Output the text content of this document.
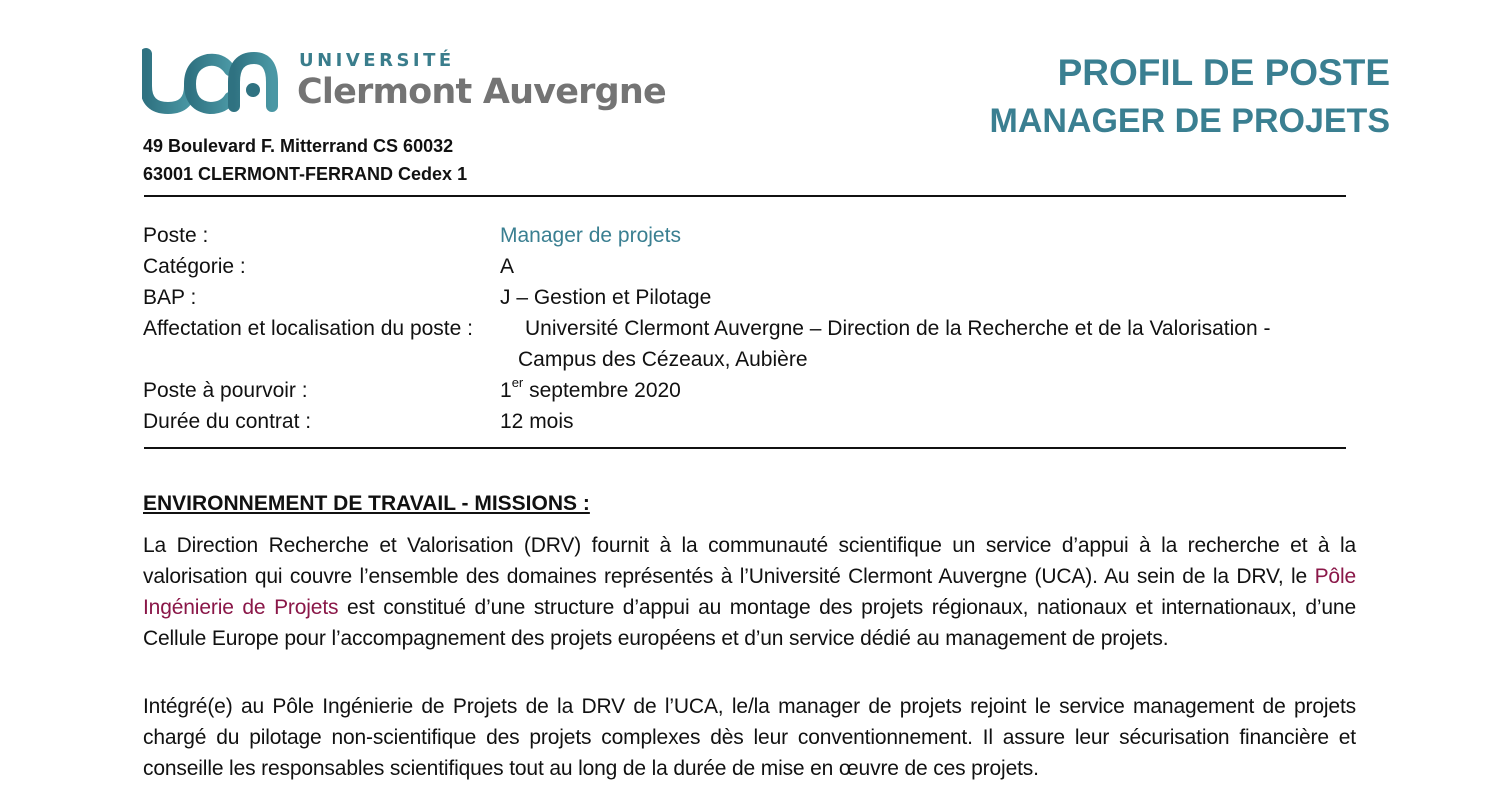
UNIVERSITÉ
Clermont Auvergne
49 Boulevard F. Mitterrand CS 60032
63001 CLERMONT-FERRAND Cedex 1
PROFIL DE POSTE
MANAGER DE PROJETS
Poste :	Manager de projets
Catégorie :	A
BAP :	J – Gestion et Pilotage
Affectation et localisation du poste : Université Clermont Auvergne – Direction de la Recherche et de la Valorisation -
Campus des Cézeaux, Aubière
Poste à pourvoir :	1er septembre 2020
Durée du contrat :	12 mois
ENVIRONNEMENT DE TRAVAIL - MISSIONS :
La Direction Recherche et Valorisation (DRV) fournit à la communauté scientifique un service d’appui à la recherche et à la valorisation qui couvre l’ensemble des domaines représentés à l’Université Clermont Auvergne (UCA). Au sein de la DRV, le Pôle Ingénierie de Projets est constitué d’une structure d’appui au montage des projets régionaux, nationaux et internationaux, d’une Cellule Europe pour l’accompagnement des projets européens et d’un service dédié au management de projets.
Intégré(e) au Pôle Ingénierie de Projets de la DRV de l’UCA, le/la manager de projets rejoint le service management de projets chargé du pilotage non-scientifique des projets complexes dès leur conventionnement. Il assure leur sécurisation financière et conseille les responsables scientifiques tout au long de la durée de mise en œuvre de ces projets.
